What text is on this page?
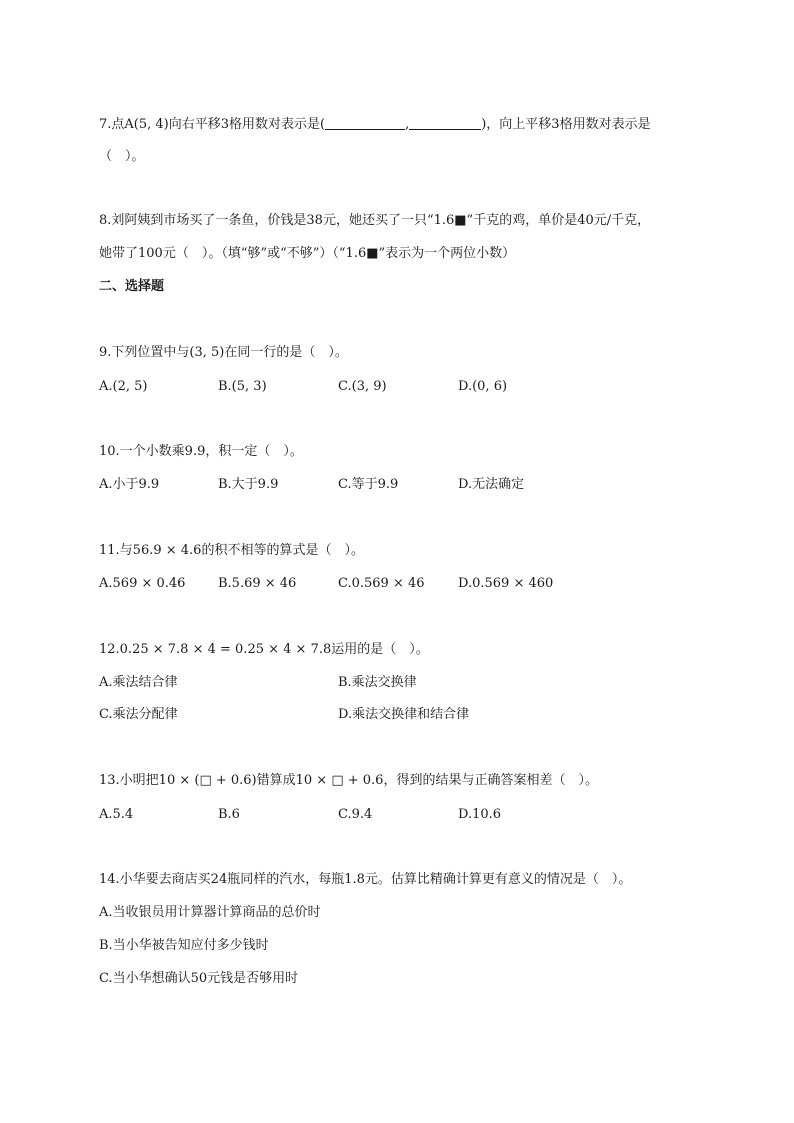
7.点A(5, 4)向右平移3格用数对表示是(	,	)，向上平移3格用数对表示是
（　）。
8.刘阿姨到市场买了一条鱼，价钱是38元，她还买了一只“1.6■”千克的鸡，单价是40元/千克，
她带了100元（　）。（填“够”或“不够”）（“1.6■”表示为一个两位小数）
二、选择题
9.下列位置中与(3, 5)在同一行的是（　）。
A.(2, 5)	B.(5, 3)	C.(3, 9)	D.(0, 6)
10.一个小数乘9.9，积一定（　）。
A.小于9.9	B.大于9.9	C.等于9.9	D.无法确定
11.与56.9 × 4.6的积不相等的算式是（　）。
A.569 × 0.46	B.5.69 × 46	C.0.569 × 46	D.0.569 × 460
12.0.25 × 7.8 × 4 = 0.25 × 4 × 7.8运用的是（　）。
A.乘法结合律	B.乘法交换律
C.乘法分配律	D.乘法交换律和结合律
13.小明把10 × (□ + 0.6)错算成10 × □ + 0.6，得到的结果与正确答案相差（　）。
A.5.4	B.6	C.9.4	D.10.6
14.小华要去商店买24瓶同样的汽水，每瓶1.8元。估算比精确计算更有意义的情况是（　）。
A.当收银员用计算器计算商品的总价时
B.当小华被告知应付多少钱时
C.当小华想确认50元钱是否够用时
